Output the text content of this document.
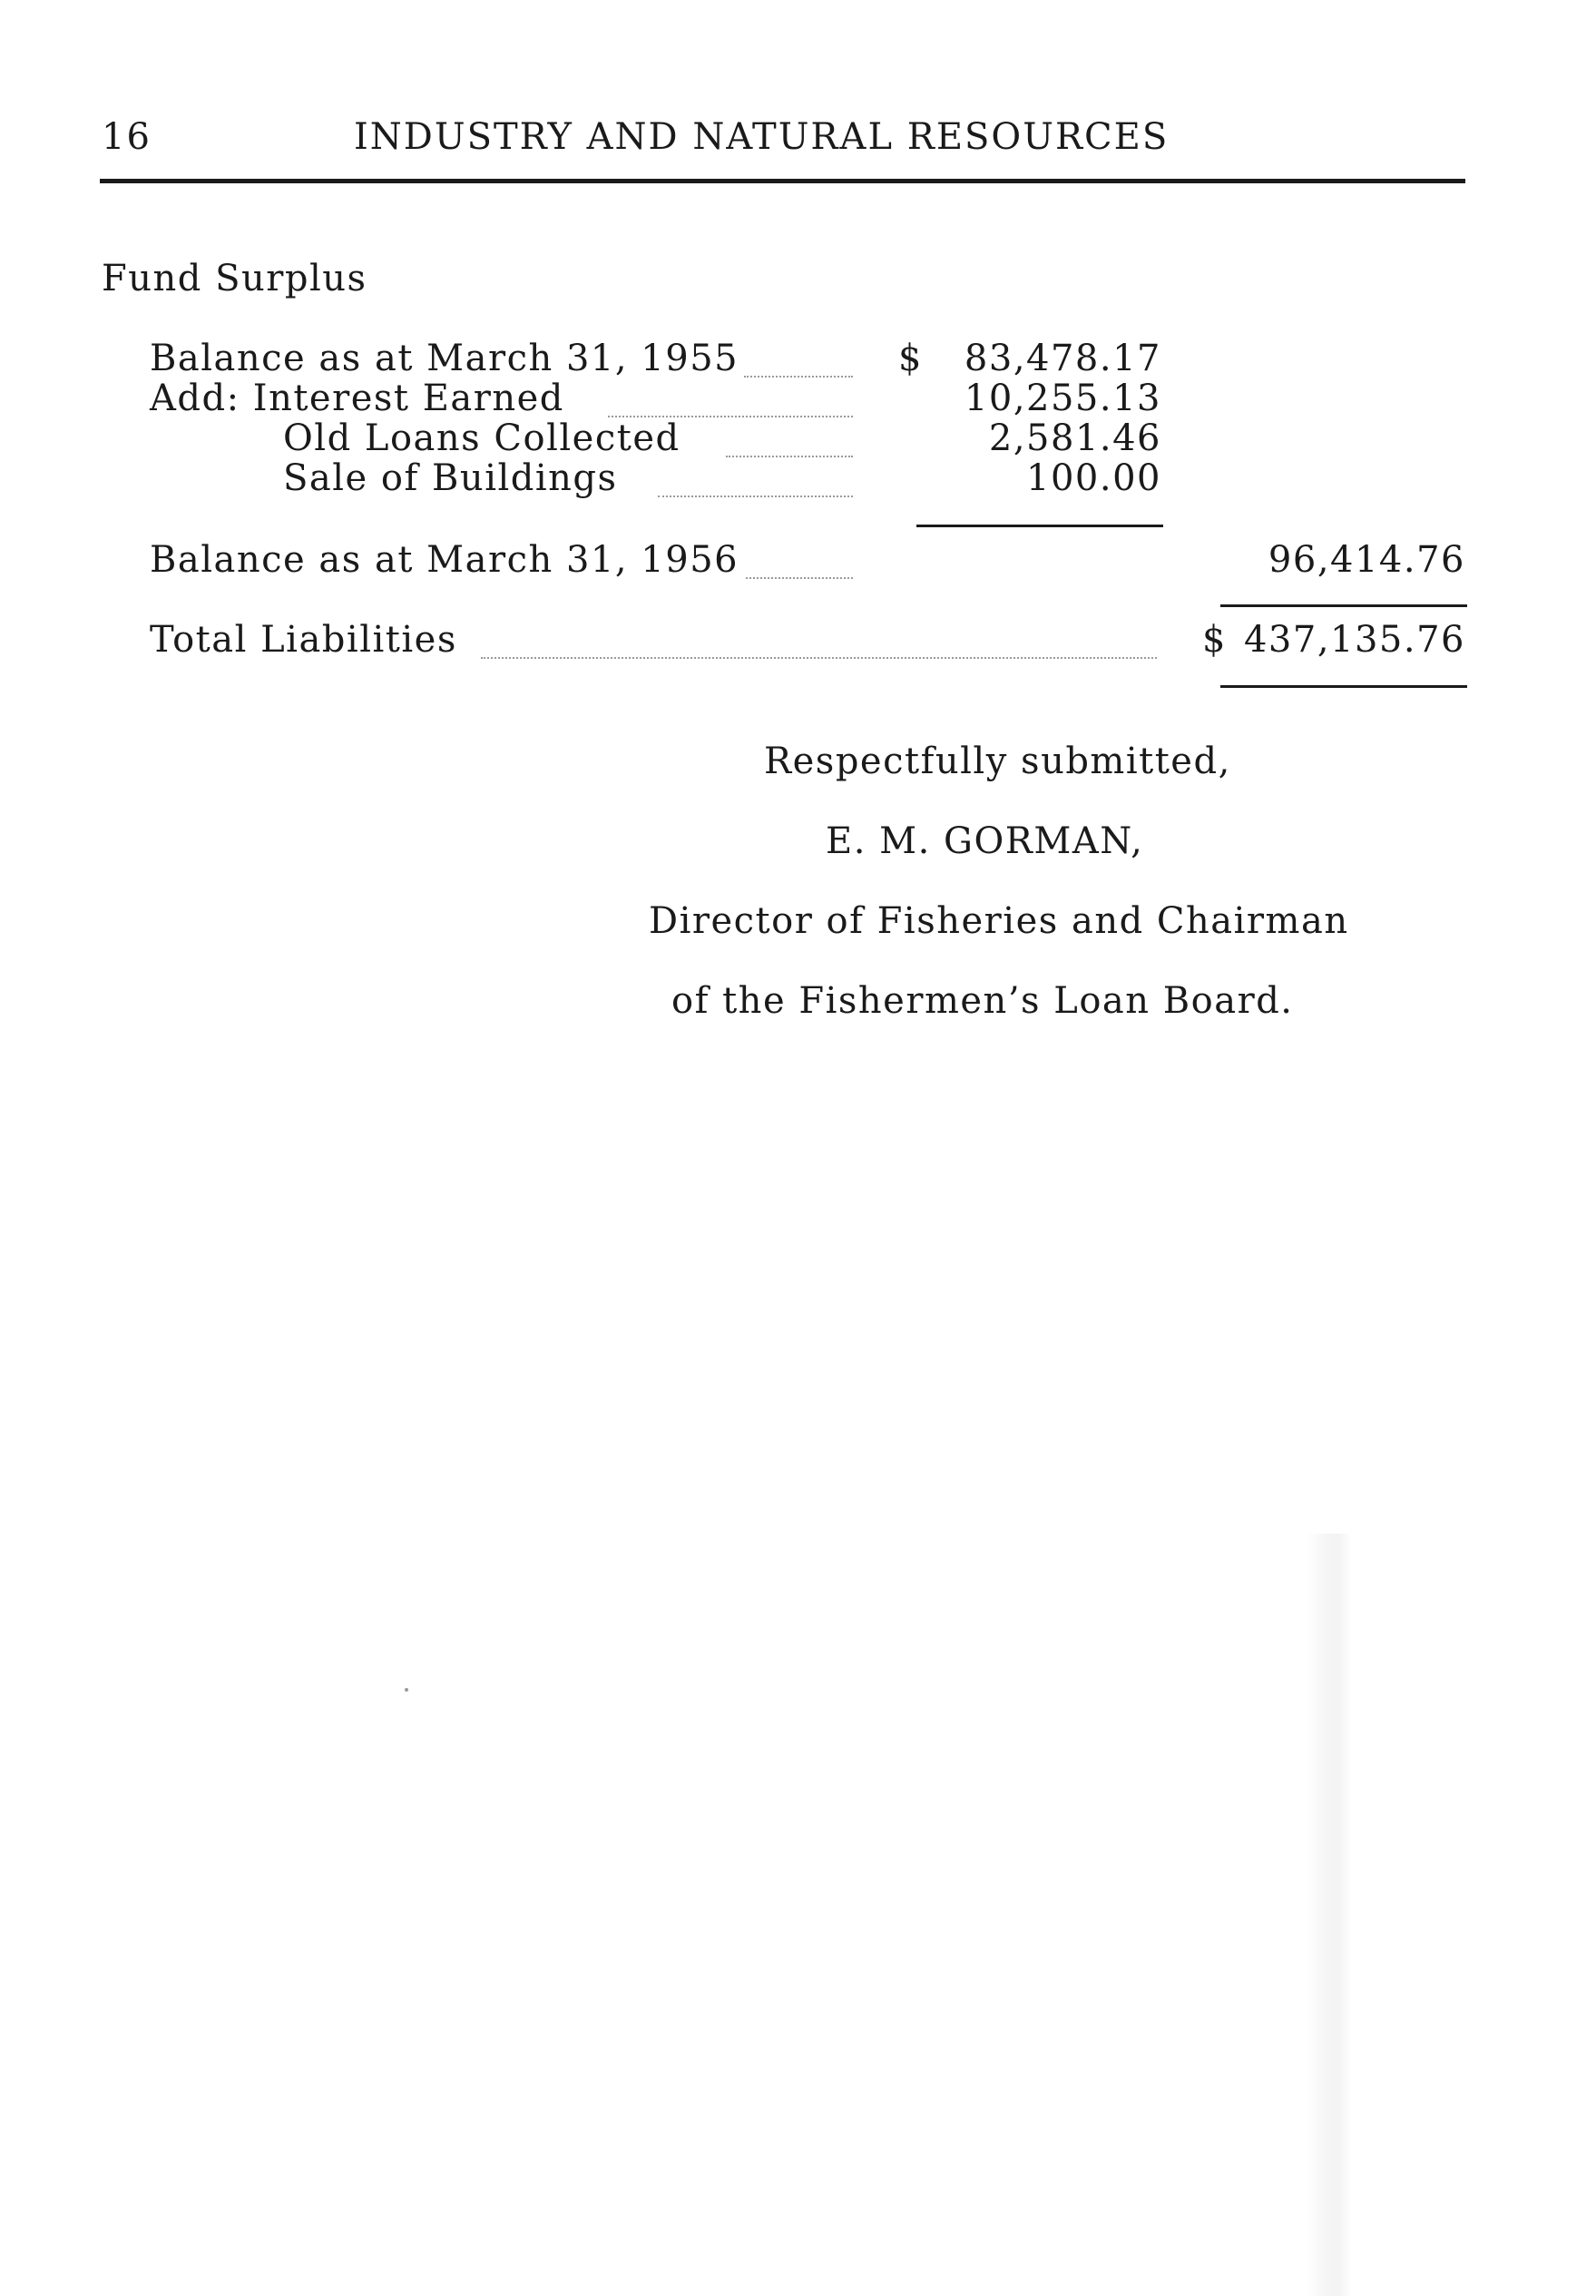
16	INDUSTRY AND NATURAL RESOURCES
Fund Surplus
Balance as at March 31, 1955	$	83,478.17
Add: Interest Earned	10,255.13
Old Loans Collected	2,581.46
Sale of Buildings	100.00
Balance as at March 31, 1956	96,414.76
Total Liabilities	$ 437,135.76
Respectfully submitted,
E. M. GORMAN,
Director of Fisheries and Chairman
of the Fishermen’s Loan Board.
